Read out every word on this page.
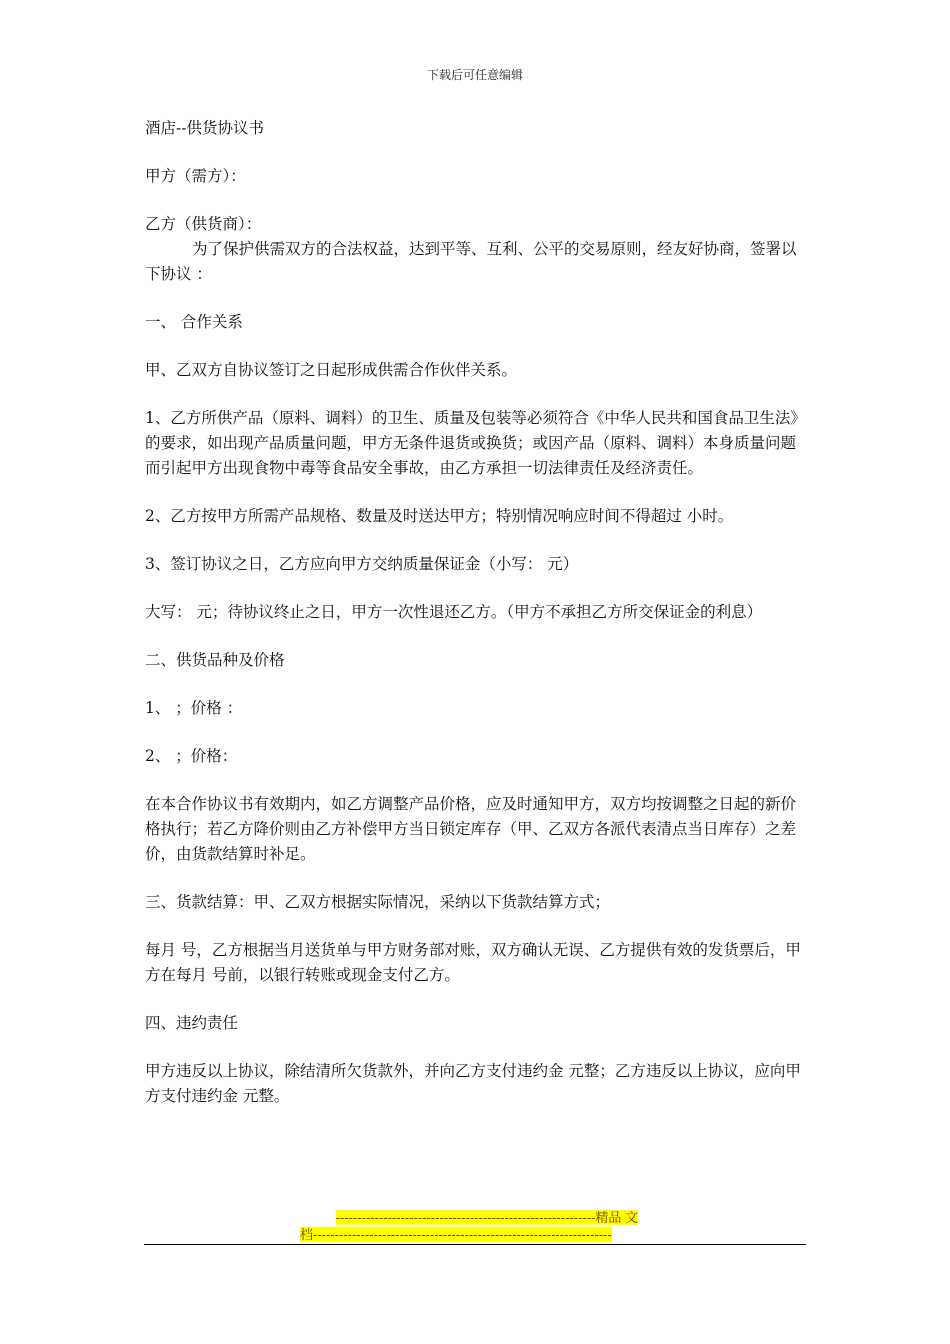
下载后可任意编辑

酒店--供货协议书

甲方（需方）：

乙方（供货商）：

为了保护供需双方的合法权益，达到平等、互利、公平的交易原则，经友好协商，签署以下协议 ：

一、 合作关系

甲、乙双方自协议签订之日起形成供需合作伙伴关系。

1、乙方所供产品（原料、调料）的卫生、质量及包装等必须符合《中华人民共和国食品卫生法》的要求，如出现产品质量问题，甲方无条件退货或换货；或因产品（原料、调料）本身质量问题而引起甲方出现食物中毒等食品安全事故，由乙方承担一切法律责任及经济责任。

2、乙方按甲方所需产品规格、数量及时送达甲方；特别情况响应时间不得超过 小时。

3、签订协议之日，乙方应向甲方交纳质量保证金（小写： 元）

大写： 元；待协议终止之日，甲方一次性退还乙方。（甲方不承担乙方所交保证金的利息）

二、供货品种及价格

1、 ；价格 ：

2、 ；价格：

在本合作协议书有效期内，如乙方调整产品价格，应及时通知甲方，双方均按调整之日起的新价格执行；若乙方降价则由乙方补偿甲方当日锁定库存（甲、乙双方各派代表清点当日库存）之差价，由货款结算时补足。

三、货款结算：甲、乙双方根据实际情况，采纳以下货款结算方式；

每月 号，乙方根据当月送货单与甲方财务部对账，双方确认无误、乙方提供有效的发货票后，甲方在每月 号前，以银行转账或现金支付乙方。

四、违约责任

甲方违反以上协议，除结清所欠货款外，并向乙方支付违约金 元整；乙方违反以上协议，应向甲方支付违约金 元整。

------------------------------------------------------------精品 文
档---------------------------------------------------------------------
